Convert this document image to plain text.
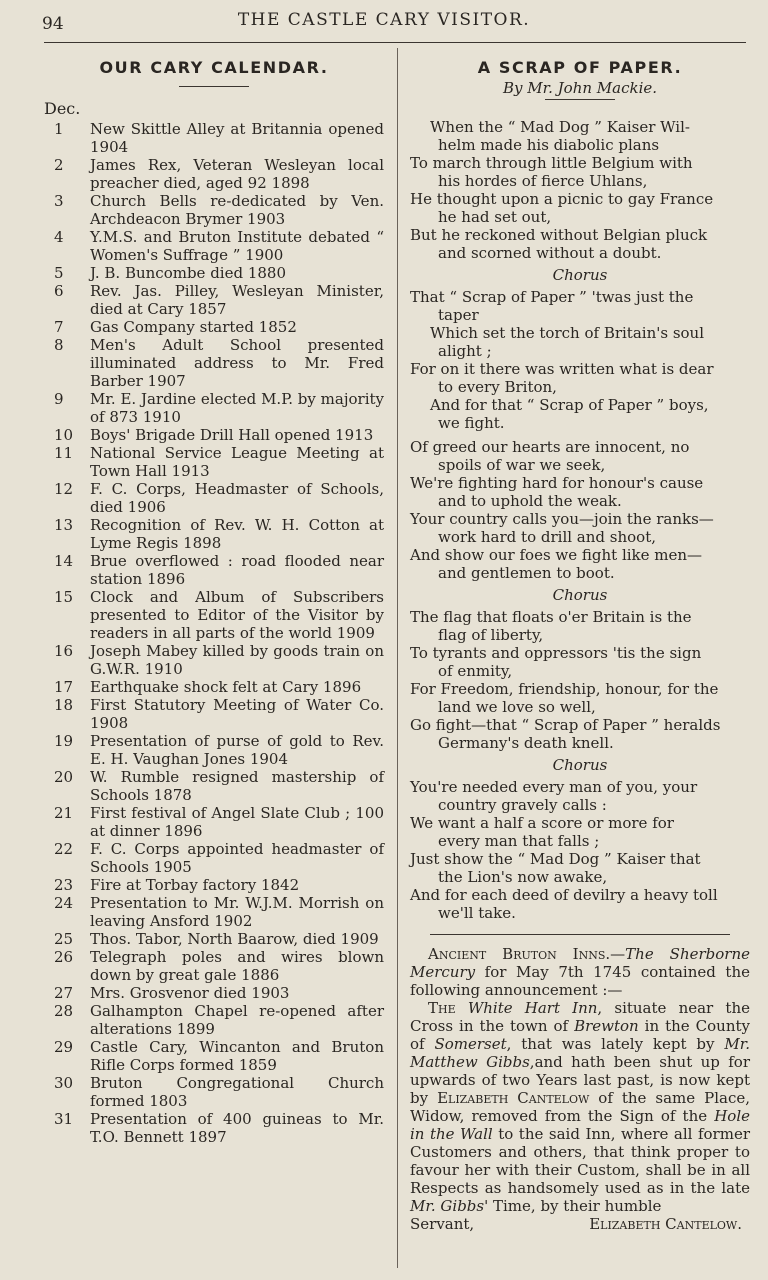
94	THE CASTLE CARY VISITOR.
OUR CARY CALENDAR.
Dec.
1	New Skittle Alley at Britannia opened 1904
2	James Rex, Veteran Wesleyan local preacher died, aged 92 1898
3	Church Bells re-dedicated by Ven. Archdeacon Brymer 1903
4	Y.M.S. and Bruton Institute debated “ Women's Suffrage ” 1900
5	J. B. Buncombe died 1880
6	Rev. Jas. Pilley, Wesleyan Minister, died at Cary 1857
7	Gas Company started 1852
8	Men's Adult School presented illuminated address to Mr. Fred Barber 1907
9	Mr. E. Jardine elected M.P. by majority of 873 1910
10	Boys' Brigade Drill Hall opened 1913
11	National Service League Meeting at Town Hall 1913
12	F. C. Corps, Headmaster of Schools, died 1906
13	Recognition of Rev. W. H. Cotton at Lyme Regis 1898
14	Brue overflowed : road flooded near station 1896
15	Clock and Album of Subscribers presented to Editor of the Visitor by readers in all parts of the world 1909
16	Joseph Mabey killed by goods train on G.W.R. 1910
17	Earthquake shock felt at Cary 1896
18	First Statutory Meeting of Water Co. 1908
19	Presentation of purse of gold to Rev. E. H. Vaughan Jones 1904
20	W. Rumble resigned mastership of Schools 1878
21	First festival of Angel Slate Club ; 100 at dinner 1896
22	F. C. Corps appointed headmaster of Schools 1905
23	Fire at Torbay factory 1842
24	Presentation to Mr. W.J.M. Morrish on leaving Ansford 1902
25	Thos. Tabor, North Baarow, died 1909
26	Telegraph poles and wires blown down by great gale 1886
27	Mrs. Grosvenor died 1903
28	Galhampton Chapel re-opened after alterations 1899
29	Castle Cary, Wincanton and Bruton Rifle Corps formed 1859
30	Bruton Congregational Church formed 1803
31	Presentation of 400 guineas to Mr. T.O. Bennett 1897
A SCRAP OF PAPER.
By Mr. John Mackie.
When the “ Mad Dog ” Kaiser Wil-
helm made his diabolic plans
To march through little Belgium with
his hordes of fierce Uhlans,
He thought upon a picnic to gay France
he had set out,
But he reckoned without Belgian pluck
and scorned without a doubt.
Chorus
That “ Scrap of Paper ” 'twas just the
taper
Which set the torch of Britain's soul
alight ;
For on it there was written what is dear
to every Briton,
And for that “ Scrap of Paper ” boys,
we fight.
Of greed our hearts are innocent, no
spoils of war we seek,
We're fighting hard for honour's cause
and to uphold the weak.
Your country calls you—join the ranks—
work hard to drill and shoot,
And show our foes we fight like men—
and gentlemen to boot.
Chorus
The flag that floats o'er Britain is the
flag of liberty,
To tyrants and oppressors 'tis the sign
of enmity,
For Freedom, friendship, honour, for the
land we love so well,
Go fight—that “ Scrap of Paper ” heralds
Germany's death knell.
Chorus
You're needed every man of you, your
country gravely calls :
We want a half a score or more for
every man that falls ;
Just show the “ Mad Dog ” Kaiser that
the Lion's now awake,
And for each deed of devilry a heavy toll
we'll take.
Ancient Bruton Inns.—The Sherborne Mercury for May 7th 1745 contained the following announcement :—
The White Hart Inn, situate near the Cross in the town of Brewton in the County of Somerset, that was lately kept by Mr. Matthew Gibbs,and hath been shut up for upwards of two Years last past, is now kept by Elizabeth Cantelow of the same Place, Widow, removed from the Sign of the Hole in the Wall to the said Inn, where all former Customers and others, that think proper to favour her with their Custom, shall be in all Respects as handsomely used as in the late Mr. Gibbs' Time, by their humble
Servant,	Elizabeth Cantelow.
